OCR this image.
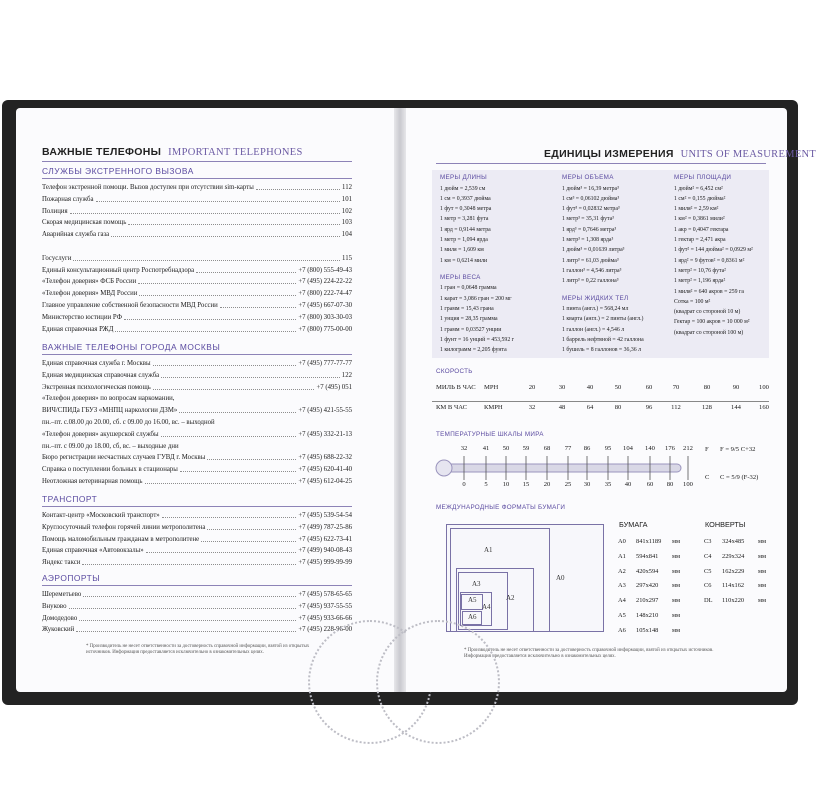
ВАЖНЫЕ ТЕЛЕФОНЫ IMPORTANT TELEPHONES
СЛУЖБЫ ЭКСТРЕННОГО ВЫЗОВА
Телефон экстренной помощи. Вызов доступен при отсутствии sim-карты	112
Пожарная служба	101
Полиция	102
Скорая медицинская помощь	103
Аварийная служба газа	104
Госуслуги	115
Единый консультационный центр Роспотребнадзора	+7 (800) 555-49-43
«Телефон доверия» ФСБ России	+7 (495) 224-22-22
«Телефон доверия» МВД России	+7 (800) 222-74-47
Главное управление собственной безопасности МВД России	+7 (495) 667-07-30
Министерство юстиции РФ	+7 (800) 303-30-03
Единая справочная РЖД	+7 (800) 775-00-00
ВАЖНЫЕ ТЕЛЕФОНЫ ГОРОДА МОСКВЫ
Единая справочная служба г. Москвы	+7 (495) 777-77-77
Единая медицинская справочная служба	122
Экстренная психологическая помощь	+7 (495) 051
«Телефон доверия» по вопросам наркомании,
ВИЧ/СПИДа ГБУЗ «МНПЦ наркологии ДЗМ»	+7 (495) 421-55-55
пн.–пт. с.08.00 до 20.00, сб. с 09.00 до 16.00, вс. – выходной
«Телефон доверия» акушерской службы	+7 (495) 332-21-13
пн.–пт. с 09.00 до 18.00, сб, вс. – выходные дни
Бюро регистрации несчастных случаев ГУВД г. Москвы	+7 (495) 688-22-32
Справка о поступлении больных в стационары	+7 (495) 620-41-40
Неотложная ветеринарная помощь	+7 (495) 612-04-25
ТРАНСПОРТ
Контакт-центр «Московский транспорт»	+7 (495) 539-54-54
Круглосуточный телефон горячей линии метрополитена	+7 (499) 787-25-86
Помощь маломобильным гражданам в метрополитене	+7 (495) 622-73-41
Единая справочная «Автовокзалы»	+7 (499) 940-08-43
Яндекс такси	+7 (495) 999-99-99
АЭРОПОРТЫ
Шереметьево	+7 (495) 578-65-65
Внуково	+7 (495) 937-55-55
Домодедово	+7 (495) 933-66-66
Жуковский	+7 (495) 228-96-00
* Производитель не несет ответственности за достоверность справочной информации, взятой из открытых источников. Информация предоставляется исключительно в ознакомительных целях.
ЕДИНИЦЫ ИЗМЕРЕНИЯ UNITS OF MEASUREMENT
МЕРЫ ДЛИНЫ
1 дюйм = 2,539 см
1 см = 0,3937 дюйма
1 фут = 0,3048 метра
1 метр = 3,281 фута
1 ярд = 0,9144 метра
1 метр = 1,094 ярда
1 миля = 1,609 км
1 км = 0,6214 мили
МЕРЫ ВЕСА
1 гран = 0,0648 грамма
1 карат = 3,086 гран = 200 мг
1 грамм = 15,43 грана
1 унция = 28,35 грамма
1 грамм = 0,03527 унции
1 фунт = 16 унций = 453,592 г
1 килограмм = 2,205 фунта
МЕРЫ ОБЪЕМА
1 дюйм³ = 16,39 метра³
1 см³ = 0,06102 дюйма³
1 фут³ = 0,02832 метра³
1 метр³ = 35,31 фута³
1 ярд³ = 0,7646 метра³
1 метр³ = 1,308 ярда³
1 дюйм³ = 0,01639 литра³
1 литр³ = 61,03 дюйма³
1 галлон³ = 4,546 литра³
1 литр³ = 0,22 галлона³
МЕРЫ ЖИДКИХ ТЕЛ
1 пинта (англ.) = 568,24 мл
1 кварта (англ.) = 2 пинты (англ.)
1 галлон (англ.) = 4,546 л
1 баррель нефтяной = 42 галлона
1 бушель = 8 галлонов = 36,36 л
МЕРЫ ПЛОЩАДИ
1 дюйм² = 6,452 см²
1 см² = 0,155 дюйма²
1 миля² = 2,59 км²
1 км² = 0,3861 мили²
1 акр = 0,4047 гектара
1 гектар = 2,471 акра
1 фут² = 144 дюйма² = 0,0929 м²
1 ярд² = 9 футов² = 0,8361 м²
1 метр² = 10,76 фута²
1 метр² = 1,196 ярда²
1 миля² = 640 акров = 259 га
Сотка = 100 м²
(квадрат со стороной 10 м)
Гектар = 100 акров = 10 000 м²
(квадрат со стороной 100 м)
СКОРОСТЬ
МИЛЬ В ЧАС MPH	20	30	40	50	60	70	80	90	100
КМ В ЧАС	КМРН	32	48	64	80	96	112	128	144	160
ТЕМПЕРАТУРНЫЕ ШКАЛЫ МИРА
32
0
41
5
50
10
59
15
68
20
77
25
86
30
95
35
104
40
140
60
176
80
212
100
F F = 9/5 C+32
C C = 5/9 (F-32)
МЕЖДУНАРОДНЫЕ ФОРМАТЫ БУМАГИ
A1
A0
A2
A3
A4
A5
A6
БУМАГА	КОНВЕРТЫ
A0 841х1189 мм
A1 594х841 мм
A2 420х594 мм
A3 297х420 мм
A4 210х297 мм
A5 148х210 мм
A6 105х148 мм
C3 324х485 мм
C4 229х324 мм
C5 162х229 мм
C6 114х162 мм
DL 110х220 мм
* Производитель не несет ответственности за достоверность справочной информации, взятой из открытых источников. Информация предоставляется исключительно в ознакомительных целях.
